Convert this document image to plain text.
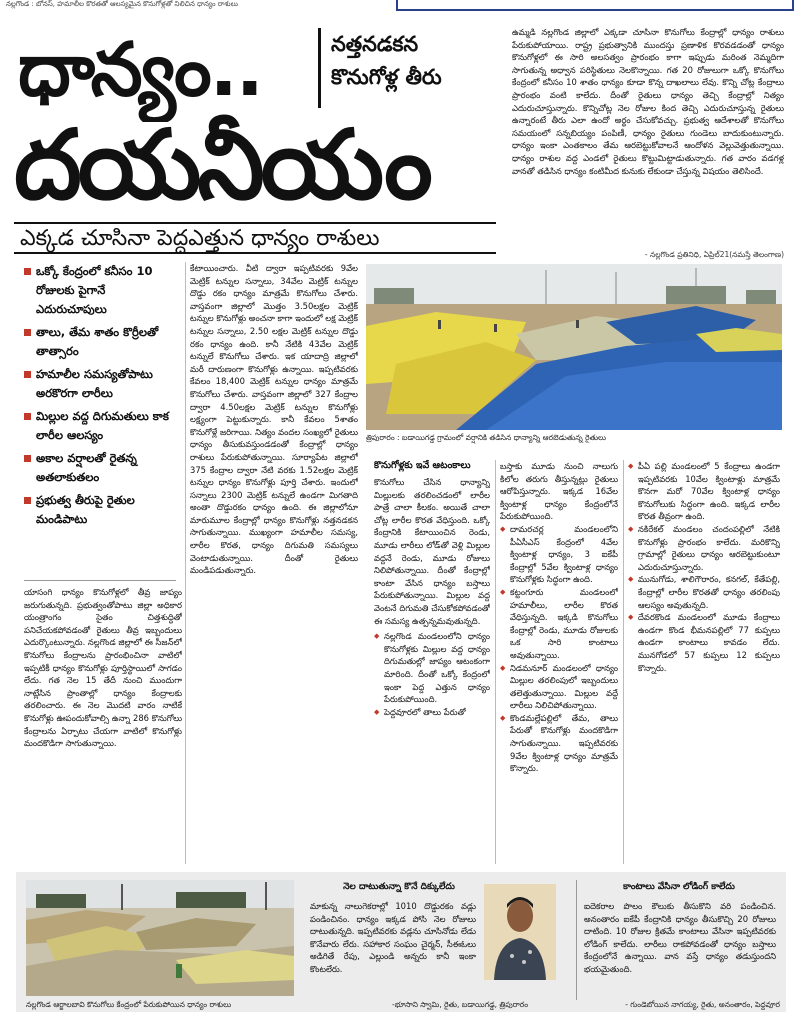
నల్లగొండ : బోనస్, హమాలీల కొరతతో ఆలస్యమైన కొనుగోళ్లతో నిలిచిన ధాన్యం రాశులు
ధాన్యం..	నత్తనడకన
కొనుగోళ్ల తీరు
దయనీయం
ఎక్కడ చూసినా పెద్దఎత్తున ధాన్యం రాశులు
ఉమ్మడి నల్లగొండ జిల్లాలో ఎక్కడా చూసినా కొనుగోలు కేంద్రాల్లో ధాన్యం రాశులు పేరుకుపోయాయి. రాష్ట్ర ప్రభుత్వానికి ముందస్తు ప్రణాళిక కొరవడడంతో ధాన్యం కొనుగోళ్లలో ఈ సారి అలసత్వం ప్రారంభం కాగా ఇప్పుడు మరింత నెమ్మదిగా సాగుతున్న అధ్వాన పరిస్థితులు నెలకొన్నాయి. గత 20 రోజులుగా ఒక్కో కొనుగోలు కేంద్రంలో కనీసం 10 శాతం ధాన్యం కూడా కొన్న దాఖలాలు లేవు. కొన్ని చోట్ల కేంద్రాలు ప్రారంభం వంటి కాలేదు. దీంతో రైతులు ధాన్యం తెచ్చి కేంద్రాల్లో నిత్యం ఎదురుచూస్తున్నారు. కొన్నిచోట్ల నెల రోజుల కింద తెచ్చి ఎదురుచూస్తున్న రైతులు ఉన్నారంటే తీరు ఎలా ఉందో అర్థం చేసుకోవచ్చు. ప్రభుత్వ ఆదేశాలతో కొనుగోలు సమయంలో సన్నబియ్యం పంపిణీ, ధాన్యం రైతులు గుండెలు బాదుకుంటున్నారు. ధాన్యం ఇంకా ఎంతకాలం తేమ ఆరబెట్టుకోవాలనే ఆందోళన వెల్లువెత్తుతున్నాయి. ధాన్యం రాశుల వద్ద ఎండలో రైతులు కొట్టుమిట్టాడుతున్నారు. గత వారం వడగళ్ల వానతో తడిసిన ధాన్యం కంటిమీద కునుకు లేకుండా చేస్తున్న విషయం తెలిసిందే.
- నల్లగొండ ప్రతినిధి, ఏప్రిల్21(నమస్తే తెలంగాణ)
ఒక్కో కేంద్రంలో కనీసం 10 రోజులకు పైగానే ఎదురుచూపులు
తాలు, తేమ శాతం కొర్రీలతో తాత్సారం
హమాలీల సమస్యతోపాటు అరకొరగా లారీలు
మిల్లుల వద్ద దిగుమతులు కాక లారీల ఆలస్యం
అకాల వర్షాలతో రైతన్న అతలాకుతలం
ప్రభుత్వ తీరుపై రైతుల మండిపాటు
యాసంగి ధాన్యం కొనుగోళ్లలో తీవ్ర జాప్యం జరుగుతున్నది. ప్రభుత్వంతోపాటు జిల్లా అధికార యంత్రాంగం సైతం చిత్తశుద్ధితో పనిచేయకపోవడంతో రైతులు తీవ్ర ఇబ్బందులు ఎదుర్కొంటున్నారు. నల్లగొండ జిల్లాలో ఈ సీజన్‌లో కొనుగోలు కేంద్రాలను ప్రారంభించినా వాటిలో ఇప్పటికీ ధాన్యం కొనుగోళ్లు పూర్తిస్థాయిలో సాగడం లేదు. గత నెల 15 తేదీ నుంచి ముందుగా నాట్లేసిన ప్రాంతాల్లో ధాన్యం కేంద్రాలకు తరలించారు. ఈ నెల మొదటి వారం నాటికే కొనుగోళ్లు ఊపందుకోవాల్సి ఉన్నా 286 కొనుగోలు కేంద్రాలను ఏర్పాటు చేయగా వాటిలో కొనుగోళ్లు మందకొడిగా సాగుతున్నాయి.
కేటాయించారు. వీటి ద్వారా ఇప్పటివరకు 9వేల మెట్రిక్ టన్నుల సన్నాలు, 34వేల మెట్రిక్ టన్నుల దొడ్డు రకం ధాన్యం మాత్రమే కొనుగోలు చేశారు. వాస్తవంగా జిల్లాలో మొత్తం 3.50లక్షల మెట్రిక్ టన్నుల కొనుగోళ్లు అంచనా కాగా ఇందులో లక్ష మెట్రిక్ టన్నుల సన్నాలు, 2.50 లక్షల మెట్రిక్ టన్నుల దొడ్డు రకం ధాన్యం ఉంది. కానీ నేటికి 43వేల మెట్రిక్ టన్నులే కొనుగోలు చేశారు. ఇక యాదాద్రి జిల్లాలో మరీ దారుణంగా కొనుగోళ్లు ఉన్నాయి. ఇప్పటివరకు కేవలం 18,400 మెట్రిక్ టన్నుల ధాన్యం మాత్రమే కొనుగోలు చేశారు. వాస్తవంగా జిల్లాలో 327 కేంద్రాల ద్వారా 4.50లక్షల మెట్రిక్ టన్నుల కొనుగోళ్లు లక్ష్యంగా పెట్టుకున్నారు. కానీ కేవలం 5శాతం కొనుగోళ్లే జరిగాయి. నిత్యం వందల సంఖ్యలో రైతులు ధాన్యం తీసుకువస్తుండడంతో కేంద్రాల్లో ధాన్యం రాశులు పేరుకుపోతున్నాయి. సూర్యాపేట జిల్లాలో 375 కేంద్రాల ద్వారా నేటి వరకు 1.52లక్షల మెట్రిక్ టన్నుల ధాన్యం కొనుగోళ్లు పూర్తి చేశారు. ఇందులో సన్నాలు 2300 మెట్రిక్ టన్నులే ఉండగా మిగతాది అంతా దొడ్డురకం ధాన్యం ఉంది. ఈ జిల్లాలోనూ మారుమూల కేంద్రాల్లో ధాన్యం కొనుగోళ్లు నత్తనడకన సాగుతున్నాయి. ముఖ్యంగా హమాలీల సమస్య, లారీల కొరత, ధాన్యం దిగుమతి సమస్యలు వెంటాడుతున్నాయి. దీంతో రైతులు మండిపడుతున్నారు.
త్రిపురారం : బడాయిగడ్డ గ్రామంలో వర్షానికి తడిసిన ధాన్యాన్ని ఆరబెడుతున్న రైతులు
కొనుగోళ్లకు ఇవే ఆటంకాలు
కొనుగోలు చేసిన ధాన్యాన్ని మిల్లులకు తరలించడంలో లారీల పాత్రే చాలా కీలకం. అయితే చాలా చోట్ల లారీల కొరత వేధిస్తుంది. ఒక్కో కేంద్రానికి కేటాయించిన రెండు, మూడు లారీలు లోడ్‌తో వెళ్లి మిల్లుల వద్దనే రెండు, మూడు రోజులు నిలిపోతున్నాయి. దీంతో కేంద్రాల్లో కాంటా వేసిన ధాన్యం బస్తాలు పేరుకుపోతున్నాయి. మిల్లుల వద్ద వెంటనే దిగుమతి చేసుకోకపోవడంతో ఈ సమస్య ఉత్పన్నమవుతున్నది.
◆ నల్లగొండ మండలంలోని ధాన్యం కొనుగోళ్లకు మిల్లుల వద్ద ధాన్యం దిగుమతుల్లో జాప్యం ఆటంకంగా మారింది. దీంతో ఒక్కో కేంద్రంలో ఇంకా పెద్ద ఎత్తున ధాన్యం పేరుకుపోయింది.
◆ పెద్దవూరలో తాలు పేరుతో
బస్తాకు మూడు నుంచి నాలుగు కిలోల తరుగు తీస్తున్నట్లు రైతులు ఆరోపిస్తున్నారు. ఇక్కడ 16వేల క్వింటాళ్ల ధాన్యం కేంద్రంలోనే పేరుకుపోయింది.
◆ దామరచర్ల మండలంలోని పీఏసీఎస్ కేంద్రంలో 4వేల క్వింటాళ్ల ధాన్యం, 3 ఐకేపీ కేంద్రాల్లో 5వేల క్వింటాళ్ల ధాన్యం కొనుగోళ్లకు సిద్ధంగా ఉంది.
◆ కట్టంగూరు మండలంలో హమాలీలు, లారీల కొరత వేధిస్తున్నది. ఇక్కడి కొనుగోలు కేంద్రాల్లో రెండు, మూడు రోజులకు ఒక సారి కాంటాలు అవుతున్నాయి.
◆ నిడమనూర్ మండలంలో ధాన్యం మిల్లుల తరలింపులో ఇబ్బందులు తలెత్తుతున్నాయి. మిల్లుల వద్దే లారీలు నిలిచిపోతున్నాయి.
◆ కొండమల్లేపల్లిలో తేమ, తాలు పేరుతో కొనుగోళ్లు మందకొడిగా సాగుతున్నాయి. ఇప్పటివరకు 9వేల క్వింటాళ్ల ధాన్యం మాత్రమే కొన్నారు.
◆ పీఏ పల్లి మండలంలో 5 కేంద్రాలు ఉండగా ఇప్పటివరకు 10వేల క్వింటాళ్లు మాత్రమే కొనగా మరో 70వేల క్వింటాళ్ల ధాన్యం కొనుగోలుకు సిద్ధంగా ఉంది. ఇక్కడ లారీల కొరత తీవ్రంగా ఉంది.
◆ నకిరేకల్ మండలం చందంపల్లిలో నేటికి కొనుగోళ్లు ప్రారంభం కాలేదు. మరికొన్ని గ్రామాల్లో రైతులు ధాన్యం ఆరబెట్టుకుంటూ ఎదురుచూస్తున్నారు.
◆ మునుగోడు, శాలిగౌరారం, కనగల్, కేతేపల్లి, కేంద్రాల్లో లారీల కొరతతో ధాన్యం తరలింపు ఆలస్యం అవుతున్నది.
◆ దేవరకొండ మండలంలో మూడు కేంద్రాలు ఉండగా కొండ భీమనపల్లిలో 77 కుప్పలు ఉండగా కాంటాలు కావడం లేదు. మునగోడలో 57 కుప్పలు 12 కుప్పలు కొన్నారు.
నల్లగొండ ఆర్జాలబావి కొనుగోలు కేంద్రంలో పేరుకుపోయిన ధాన్యం రాశులు
నెల దాటుతున్నా కొనే దిక్కులేదు
మాకున్న నాలుగెకరాల్లో 1010 దొడ్డురకం వడ్లు పండించినం. ధాన్యం ఇక్కడ పోసి నెల రోజులు దాటుతున్నది. ఇప్పటివరకు వడ్లను చూసినోడు లేడు కొనేవారు లేరు. సహాకార సంఘం చైర్మన్, సీఈఓలు అడిగితే రేపు, ఎల్లుండి అన్నరు కానీ ఇంకా కొంటలేరు.
-భూసాని స్వామి, రైతు, బడాయిగడ్డ, త్రిపురారం
కాంటాలు వేసినా లోడింగ్ కాలేదు
ఐదెకరాల పొలం కౌలుకు తీసుకొని వరి పండించిన. అనంతారం ఐకేపీ కేంద్రానికి ధాన్యం తీసుకొచ్చి 20 రోజులు దాటింది. 10 రోజుల క్రితమే కాంటాలు వేసినా ఇప్పటివరకు లోడింగ్ కాలేదు. లారీలు రాకపోవడంతో ధాన్యం బస్తాలు కేంద్రంలోనే ఉన్నాయి. వాన వస్తే ధాన్యం తడుస్తుందని భయమైతుంది.
- గుండెబోయిన నాగయ్య, రైతు, అనంతారం, పెద్దవూర
